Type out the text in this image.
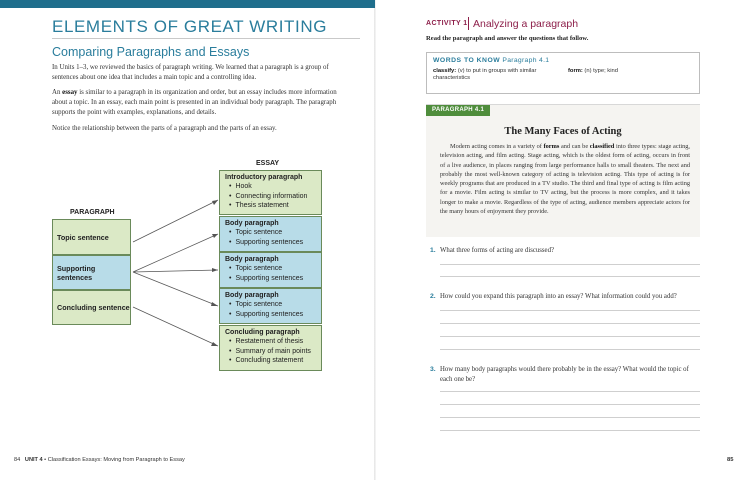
ELEMENTS OF GREAT WRITING
Comparing Paragraphs and Essays
In Units 1–3, we reviewed the basics of paragraph writing. We learned that a paragraph is a group of sentences about one idea that includes a main topic and a controlling idea.
An essay is similar to a paragraph in its organization and order, but an essay includes more information about a topic. In an essay, each main point is presented in an individual body paragraph. The paragraph supports the point with examples, explanations, and details.
Notice the relationship between the parts of a paragraph and the parts of an essay.
ESSAY
PARAGRAPH
Topic sentence
Supporting sentences
Concluding sentence
Introductory paragraph
• Hook
• Connecting information
• Thesis statement
Body paragraph
• Topic sentence
• Supporting sentences
Body paragraph
• Topic sentence
• Supporting sentences
Body paragraph
• Topic sentence
• Supporting sentences
Concluding paragraph
• Restatement of thesis
• Summary of main points
• Concluding statement
84 UNIT 4 • Classification Essays: Moving from Paragraph to Essay
ACTIVITY 1 Analyzing a paragraph
Read the paragraph and answer the questions that follow.
WORDS TO KNOW Paragraph 4.1
classify: (v) to put in groups with similar characteristics
form: (n) type; kind
PARAGRAPH 4.1
The Many Faces of Acting
Modern acting comes in a variety of forms and can be classified into three types: stage acting, television acting, and film acting. Stage acting, which is the oldest form of acting, occurs in front of a live audience, in places ranging from large performance halls to small theaters. The next and probably the most well-known category of acting is television acting. This type of acting is for weekly programs that are produced in a TV studio. The third and final type of acting is film acting for a movie. Film acting is similar to TV acting, but the process is more complex, and it takes longer to make a movie. Regardless of the type of acting, audience members appreciate actors for the many hours of enjoyment they provide.
1. What three forms of acting are discussed?
2. How could you expand this paragraph into an essay? What information could you add?
3. How many body paragraphs would there probably be in the essay? What would the topic of each one be?
85
